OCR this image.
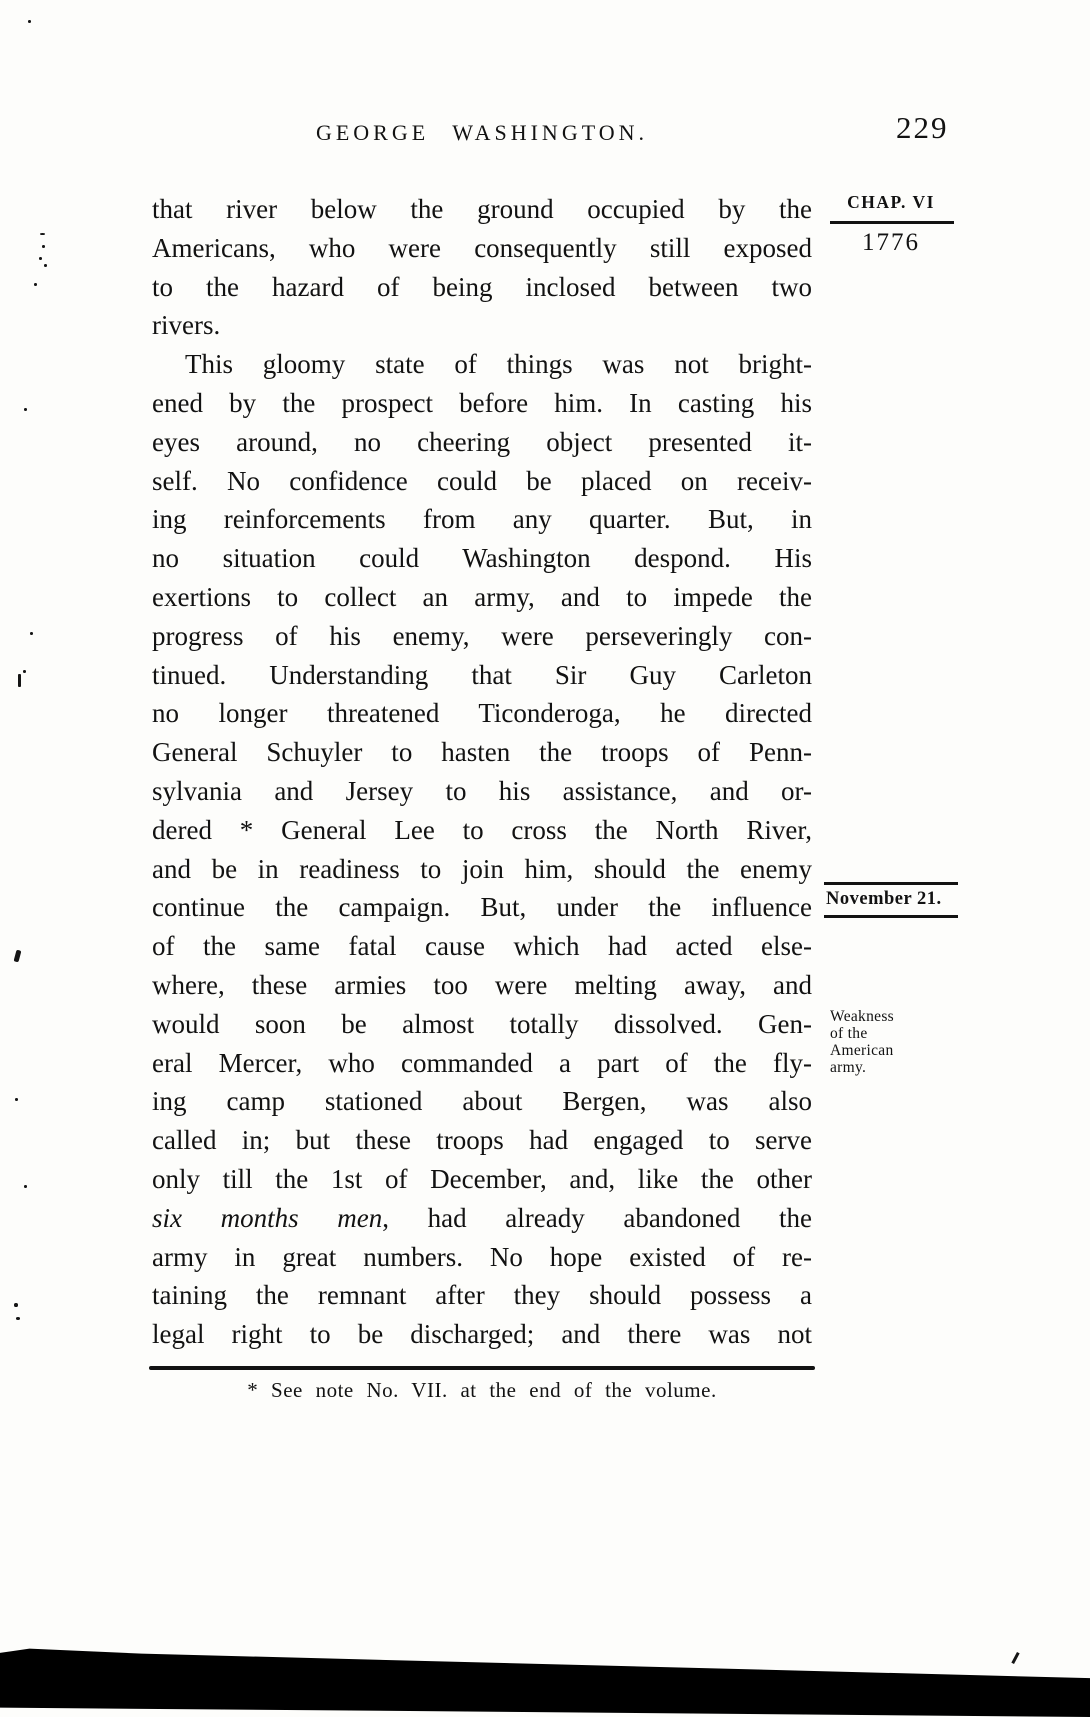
GEORGE WASHINGTON.	229
CHAP. VI
1776
November 21.
Weakness
of the
American
army.
that river below the ground occupied by the
Americans, who were consequently still exposed
to the hazard of being inclosed between two
rivers.
This gloomy state of things was not bright-
ened by the prospect before him. In casting his
eyes around, no cheering object presented it-
self. No confidence could be placed on receiv-
ing reinforcements from any quarter. But, in
no situation could Washington despond. His
exertions to collect an army, and to impede the
progress of his enemy, were perseveringly con-
tinued. Understanding that Sir Guy Carleton
no longer threatened Ticonderoga, he directed
General Schuyler to hasten the troops of Penn-
sylvania and Jersey to his assistance, and or-
dered * General Lee to cross the North River,
and be in readiness to join him, should the enemy
continue the campaign. But, under the influence
of the same fatal cause which had acted else-
where, these armies too were melting away, and
would soon be almost totally dissolved. Gen-
eral Mercer, who commanded a part of the fly-
ing camp stationed about Bergen, was also
called in; but these troops had engaged to serve
only till the 1st of December, and, like the other
six months men, had already abandoned the
army in great numbers. No hope existed of re-
taining the remnant after they should possess a
legal right to be discharged; and there was not
* See note No. VII. at the end of the volume.
